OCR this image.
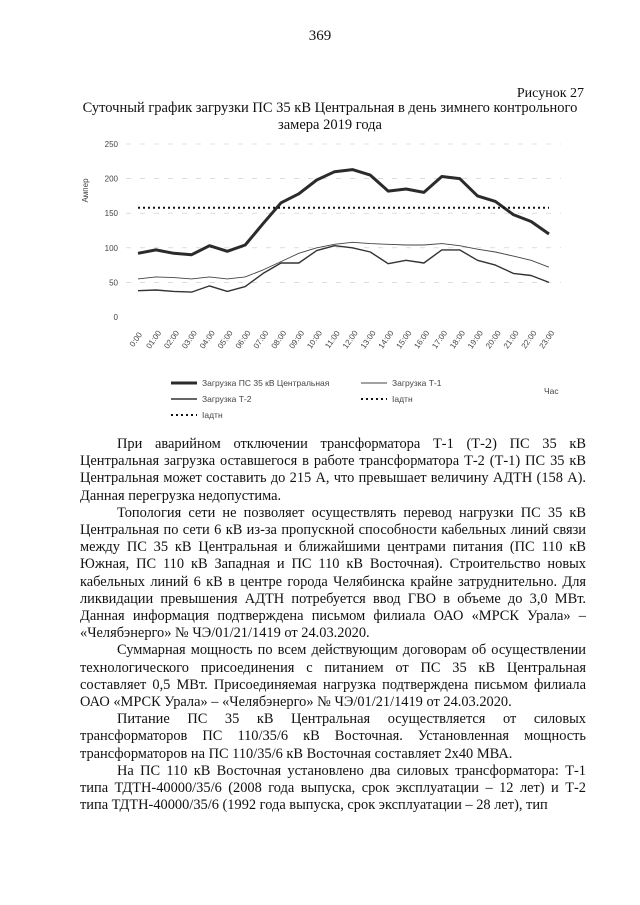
369
Рисунок 27
Суточный график загрузки ПС 35 кВ Центральная в день зимнего контрольного замера 2019 года
0
50
100
150
200
250
Ампер
0:00 01:00 02:00 03:00 04:00 05:00 06:00 07:00 08:00 09:00 10:00 11:00 12:00 13:00 14:00 15:00 16:00 17:00 18:00 19:00 20:00 21:00 22:00 23:00
Загрузка ПС 35 кВ Центральная	Загрузка Т-1
Загрузка Т-2	Iадтн
Iадтн
Час

При аварийном отключении трансформатора Т-1 (Т-2) ПС 35 кВ Центральная загрузка оставшегося в работе трансформатора Т-2 (Т-1) ПС 35 кВ Центральная может составить до 215 А, что превышает величину АДТН (158 А). Данная перегрузка недопустима.

Топология сети не позволяет осуществлять перевод нагрузки ПС 35 кВ Центральная по сети 6 кВ из-за пропускной способности кабельных линий связи между ПС 35 кВ Центральная и ближайшими центрами питания (ПС 110 кВ Южная, ПС 110 кВ Западная и ПС 110 кВ Восточная). Строительство новых кабельных линий 6 кВ в центре города Челябинска крайне затруднительно. Для ликвидации превышения АДТН потребуется ввод ГВО в объеме до 3,0 МВт. Данная информация подтверждена письмом филиала ОАО «МРСК Урала» – «Челябэнерго» № ЧЭ/01/21/1419 от 24.03.2020.

Суммарная мощность по всем действующим договорам об осуществлении технологического присоединения с питанием от ПС 35 кВ Центральная составляет 0,5 МВт. Присоединяемая нагрузка подтверждена письмом филиала ОАО «МРСК Урала» – «Челябэнерго» № ЧЭ/01/21/1419 от 24.03.2020.

Питание ПС 35 кВ Центральная осуществляется от силовых трансформаторов ПС 110/35/6 кВ Восточная. Установленная мощность трансформаторов на ПС 110/35/6 кВ Восточная составляет 2х40 МВА.

На ПС 110 кВ Восточная установлено два силовых трансформатора: Т-1 типа ТДТН-40000/35/6 (2008 года выпуска, срок эксплуатации – 12 лет) и Т-2 типа ТДТН-40000/35/6 (1992 года выпуска, срок эксплуатации – 28 лет), тип
